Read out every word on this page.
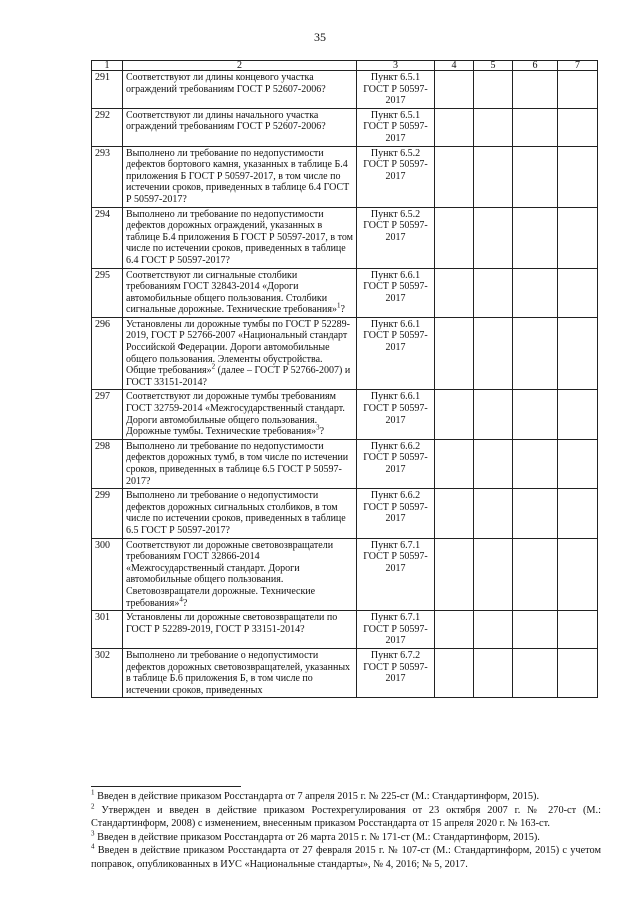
35
1	2	3	4	5	6	7
291	Соответствуют ли длины концевого участка ограждений требованиям ГОСТ Р 52607-2006?	Пункт 6.5.1 ГОСТ Р 50597-2017				
292	Соответствуют ли длины начального участка ограждений требованиям ГОСТ Р 52607-2006?	Пункт 6.5.1 ГОСТ Р 50597-2017				
293	Выполнено ли требование по недопустимости дефектов бортового камня, указанных в таблице Б.4 приложения Б ГОСТ Р 50597-2017, в том числе по истечении сроков, приведенных в таблице 6.4 ГОСТ Р 50597-2017?	Пункт 6.5.2 ГОСТ Р 50597-2017				
294	Выполнено ли требование по недопустимости дефектов дорожных ограждений, указанных в таблице Б.4 приложения Б ГОСТ Р 50597-2017, в том числе по истечении сроков, приведенных в таблице 6.4 ГОСТ Р 50597-2017?	Пункт 6.5.2 ГОСТ Р 50597-2017				
295	Соответствуют ли сигнальные столбики требованиям ГОСТ 32843-2014 «Дороги автомобильные общего пользования. Столбики сигнальные дорожные. Технические требования»$^1$?	Пункт 6.6.1 ГОСТ Р 50597-2017				
296	Установлены ли дорожные тумбы по ГОСТ Р 52289-2019, ГОСТ Р 52766-2007 «Национальный стандарт Российской Федерации. Дороги автомобильные общего пользования. Элементы обустройства. Общие требования»$^2$ (далее – ГОСТ Р 52766-2007) и ГОСТ 33151-2014?	Пункт 6.6.1 ГОСТ Р 50597-2017				
297	Соответствуют ли дорожные тумбы требованиям ГОСТ 32759-2014 «Межгосударственный стандарт. Дороги автомобильные общего пользования. Дорожные тумбы. Технические требования»$^3$?	Пункт 6.6.1 ГОСТ Р 50597-2017				
298	Выполнено ли требование по недопустимости дефектов дорожных тумб, в том числе по истечении сроков, приведенных в таблице 6.5 ГОСТ Р 50597-2017?	Пункт 6.6.2 ГОСТ Р 50597-2017				
299	Выполнено ли требование о недопустимости дефектов дорожных сигнальных столбиков, в том числе по истечении сроков, приведенных в таблице 6.5 ГОСТ Р 50597-2017?	Пункт 6.6.2 ГОСТ Р 50597-2017				
300	Соответствуют ли дорожные световозвращатели требованиям ГОСТ 32866-2014 «Межгосударственный стандарт. Дороги автомобильные общего пользования. Световозвращатели дорожные. Технические требования»$^4$?	Пункт 6.7.1 ГОСТ Р 50597-2017				
301	Установлены ли дорожные световозвращатели по ГОСТ Р 52289-2019, ГОСТ Р 33151-2014?	Пункт 6.7.1 ГОСТ Р 50597-2017				
302	Выполнено ли требование о недопустимости дефектов дорожных световозвращателей, указанных в таблице Б.6 приложения Б, в том числе по истечении сроков, приведенных	Пункт 6.7.2 ГОСТ Р 50597-2017				

$^1$ Введен в действие приказом Росстандарта от 7 апреля 2015 г. № 225-ст (М.: Стандартинформ, 2015).

$^2$ Утвержден и введен в действие приказом Ростехрегулирования от 23 октября 2007 г. № 270-ст (М.: Стандартинформ, 2008) с изменением, внесенным приказом Росстандарта от 15 апреля 2020 г. № 163-ст.

$^3$ Введен в действие приказом Росстандарта от 26 марта 2015 г. № 171-ст (М.: Стандартинформ, 2015).

$^4$ Введен в действие приказом Росстандарта от 27 февраля 2015 г. № 107-ст (М.: Стандартинформ, 2015) с учетом поправок, опубликованных в ИУС «Национальные стандарты», № 4, 2016; № 5, 2017.
